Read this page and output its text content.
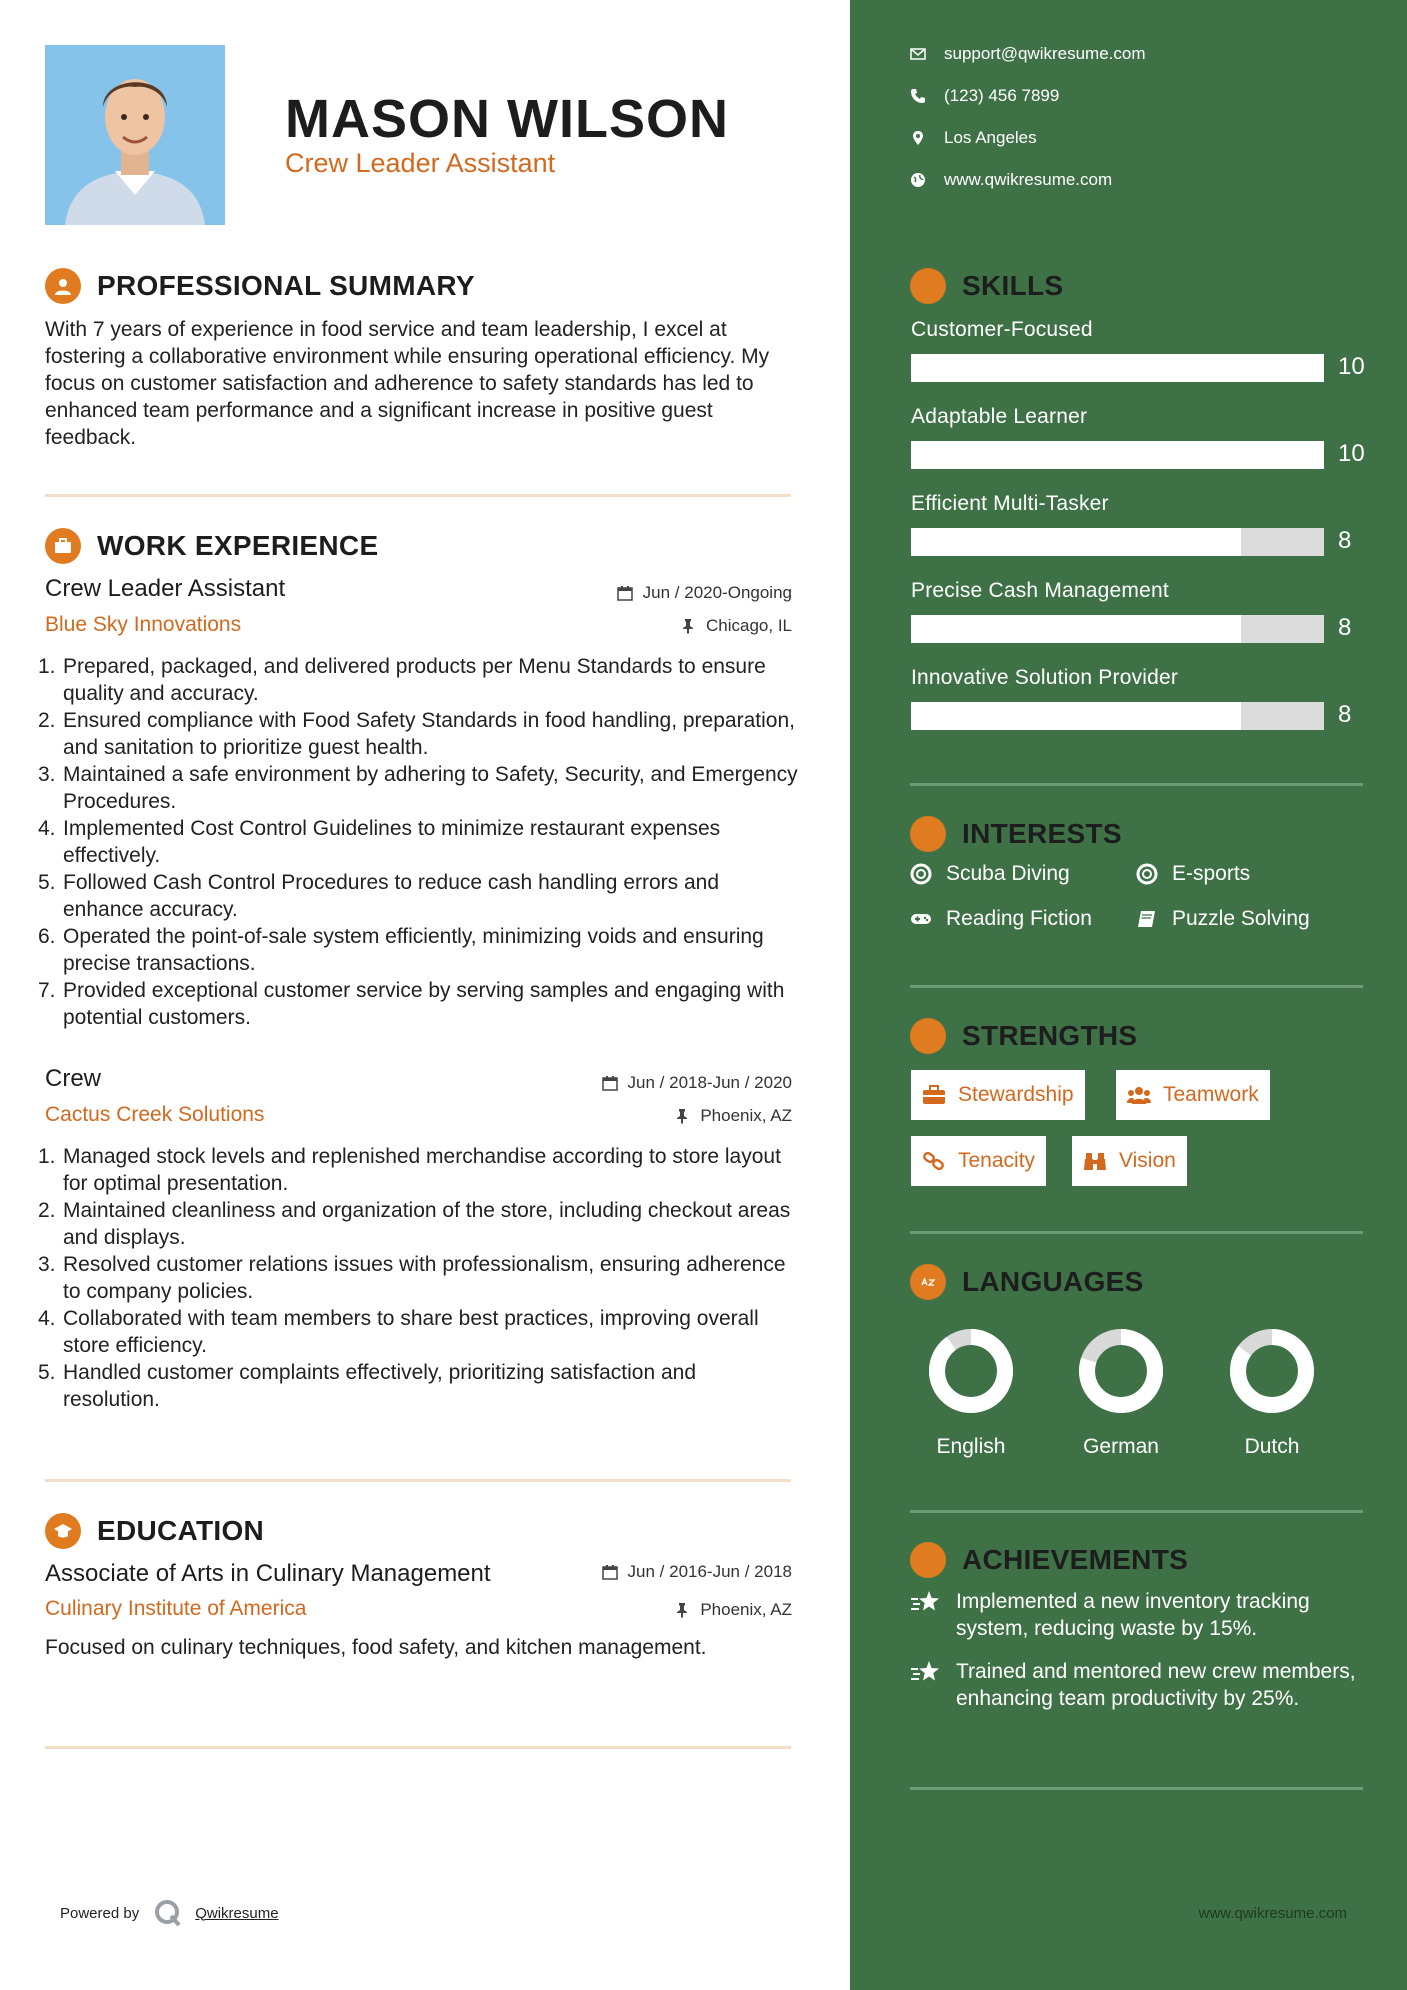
MASON WILSON
Crew Leader Assistant
PROFESSIONAL SUMMARY
With 7 years of experience in food service and team leadership, I excel at fostering a collaborative environment while ensuring operational efficiency. My focus on customer satisfaction and adherence to safety standards has led to enhanced team performance and a significant increase in positive guest feedback.
WORK EXPERIENCE
Crew Leader Assistant
Blue Sky Innovations
Jun / 2020-Ongoing
Chicago, IL
1. Prepared, packaged, and delivered products per Menu Standards to ensure quality and accuracy.
2. Ensured compliance with Food Safety Standards in food handling, preparation, and sanitation to prioritize guest health.
3. Maintained a safe environment by adhering to Safety, Security, and Emergency Procedures.
4. Implemented Cost Control Guidelines to minimize restaurant expenses effectively.
5. Followed Cash Control Procedures to reduce cash handling errors and enhance accuracy.
6. Operated the point-of-sale system efficiently, minimizing voids and ensuring precise transactions.
7. Provided exceptional customer service by serving samples and engaging with potential customers.
Crew
Cactus Creek Solutions
Jun / 2018-Jun / 2020
Phoenix, AZ
1. Managed stock levels and replenished merchandise according to store layout for optimal presentation.
2. Maintained cleanliness and organization of the store, including checkout areas and displays.
3. Resolved customer relations issues with professionalism, ensuring adherence to company policies.
4. Collaborated with team members to share best practices, improving overall store efficiency.
5. Handled customer complaints effectively, prioritizing satisfaction and resolution.
EDUCATION
Associate of Arts in Culinary Management
Culinary Institute of America
Jun / 2016-Jun / 2018
Phoenix, AZ
Focused on culinary techniques, food safety, and kitchen management.
Powered by	Qwikresume	www.qwikresume.com
support@qwikresume.com
(123) 456 7899
Los Angeles
www.qwikresume.com
SKILLS
Customer-Focused
10
Adaptable Learner
10
Efficient Multi-Tasker
8
Precise Cash Management
8
Innovative Solution Provider
8
INTERESTS
Scuba Diving	E-sports
Reading Fiction	Puzzle Solving
STRENGTHS
Stewardship	Teamwork
Tenacity	Vision
LANGUAGES
English	German	Dutch
ACHIEVEMENTS
Implemented a new inventory tracking system, reducing waste by 15%.
Trained and mentored new crew members, enhancing team productivity by 25%.
